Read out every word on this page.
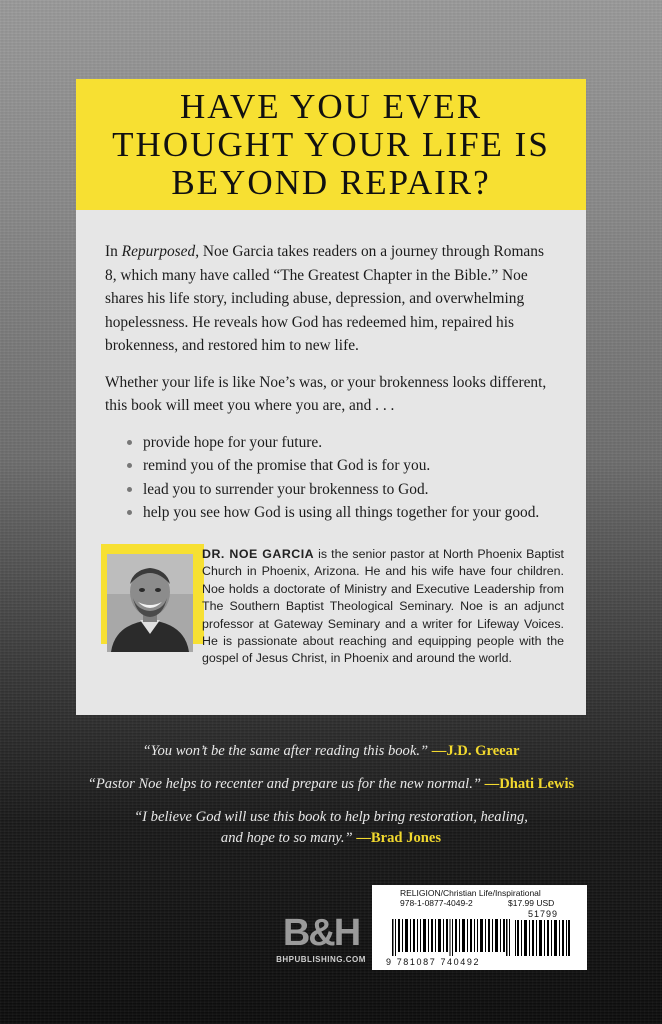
HAVE YOU EVER
THOUGHT YOUR LIFE IS
BEYOND REPAIR?

In Repurposed, Noe Garcia takes readers on a journey through Romans 8, which many have called “The Greatest Chapter in the Bible.” Noe shares his life story, including abuse, depression, and overwhelming hopelessness. He reveals how God has redeemed him, repaired his brokenness, and restored him to new life.

Whether your life is like Noe’s was, or your brokenness looks different, this book will meet you where you are, and . . .

provide hope for your future.
remind you of the promise that God is for you.
lead you to surrender your brokenness to God.
help you see how God is using all things together for your good.
DR. NOE GARCIA is the senior pastor at North Phoenix Baptist Church in Phoenix, Arizona. He and his wife have four children. Noe holds a doctorate of Ministry and Executive Leadership from The Southern Baptist Theological Seminary. Noe is an adjunct professor at Gateway Seminary and a writer for Lifeway Voices. He is passionate about reaching and equipping people with the gospel of Jesus Christ, in Phoenix and around the world.
“You won’t be the same after reading this book.” —J.D. Greear
“Pastor Noe helps to recenter and prepare us for the new normal.” —Dhati Lewis
“I believe God will use this book to help bring restoration, healing, and hope to so many.” —Brad Jones
B&H
BHPUBLISHING.COM
RELIGION/Christian Life/Inspirational
978-1-0877-4049-2	$17.99 USD
51799
9 781087 740492
